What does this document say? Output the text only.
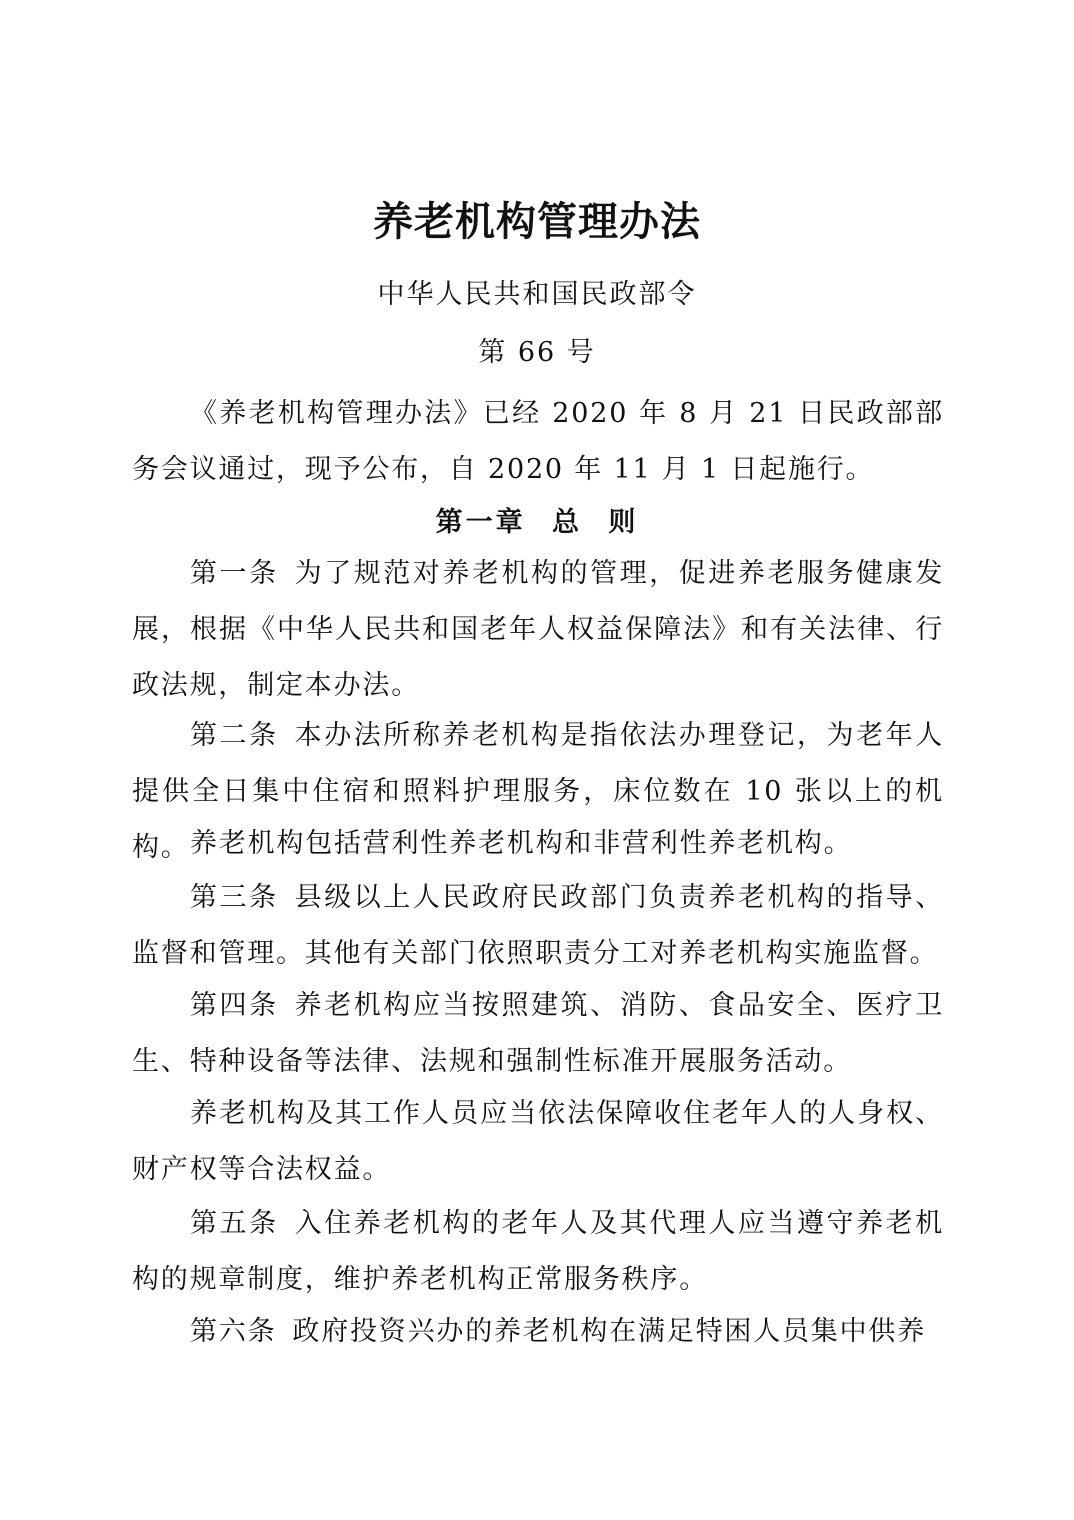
养老机构管理办法
中华人民共和国民政部令
第 66 号

《养老机构管理办法》已经 2020 年 8 月 21 日民政部部务会议通过，现予公布，自 2020 年 11 月 1 日起施行。

第一章 总 则

第一条 为了规范对养老机构的管理，促进养老服务健康发展，根据《中华人民共和国老年人权益保障法》和有关法律、行政法规，制定本办法。

第二条 本办法所称养老机构是指依法办理登记，为老年人提供全日集中住宿和照料护理服务，床位数在 10 张以上的机构。 养老机构包括营利性养老机构和非营利性养老机构。

第三条 县级以上人民政府民政部门负责养老机构的指导、监督和管理。其他有关部门依照职责分工对养老机构实施监督。

第四条 养老机构应当按照建筑、消防、食品安全、医疗卫生、特种设备等法律、法规和强制性标准开展服务活动。

养老机构及其工作人员应当依法保障收住老年人的人身权、财产权等合法权益。

第五条 入住养老机构的老年人及其代理人应当遵守养老机构的规章制度，维护养老机构正常服务秩序。

第六条 政府投资兴办的养老机构在满足特困人员集中供养
